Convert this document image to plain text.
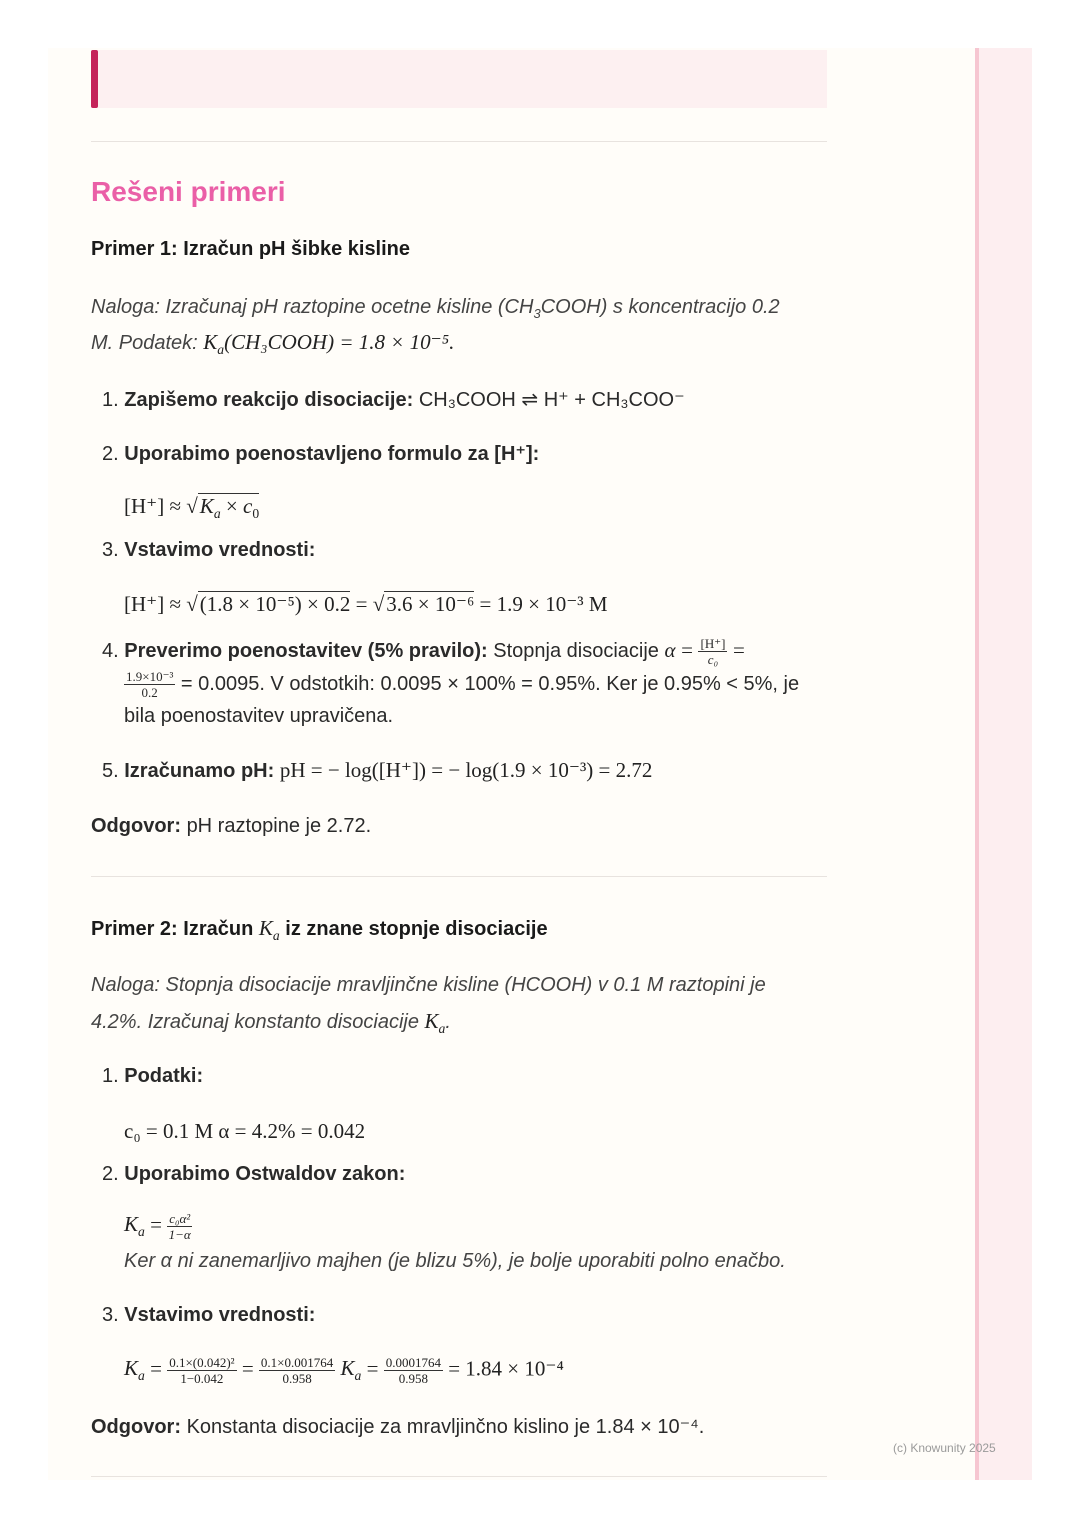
Rešeni primeri
Primer 1: Izračun pH šibke kisline
Naloga: Izračunaj pH raztopine ocetne kisline $(CH_3COOH)$ s koncentracijo 0.2
M. Podatek: $K_a(CH_3COOH) = 1.8 \times 10^{-5}$.
1. Zapišemo reakcijo disociacije: CH₃COOH ⇌ H⁺ + CH₃COO⁻
2. Uporabimo poenostavljeno formulo za [H⁺]:
$[H^+] \approx √K_a \times c_0$
3. Vstavimo vrednosti:
[H⁺] ≈ √(1.8 × 10⁻⁵) × 0.2 = √3.6 × 10⁻⁶ = 1.9 × 10⁻³ M
4. Preverimo poenostavitev (5% pravilo): Stopnja disociacije $\alpha = \frac{[H^+]}{\text{c₀}}$ =
$\frac{\text{1.9×10⁻³}}{0.2} = 0.0095$. V odstotkih: 0.0095 × 100% = 0.95%. Ker je 0.95% < 5%, je
bila poenostavitev upravičena.
5. Izračunamo pH: pH = − log([H⁺]) = − log(1.9 × 10⁻³) = 2.72
Odgovor: pH raztopine je 2.72.
Primer 2: Izračun $K_a$ iz znane stopnje disociacije
Naloga: Stopnja disociacije mravljinčne kisline (HCOOH) v 0.1 M raztopini je
4.2%. Izračunaj konstanto disociacije $K_a$.
1. Podatki:
c₀ = 0.1 M α = 4.2% = 0.042
2. Uporabimo Ostwaldov zakon:
$K_a = \frac{\text{c₀α²}}{1-\alpha}$
Ker α ni zanemarljivo majhen (je blizu 5%), je bolje uporabiti polno enačbo.
3. Vstavimo vrednosti:
$K_a = \frac{\text{0.1×(0.042)²}}{1-0.042} = \frac{0.1\times 0.001764}{0.958} K_a = \frac{0.0001764}{0.958} = 1.84 \times 10^{-4}$
Odgovor: Konstanta disociacije za mravljinčno kislino je 1.84 × 10⁻⁴.
(c) Knowunity 2025
